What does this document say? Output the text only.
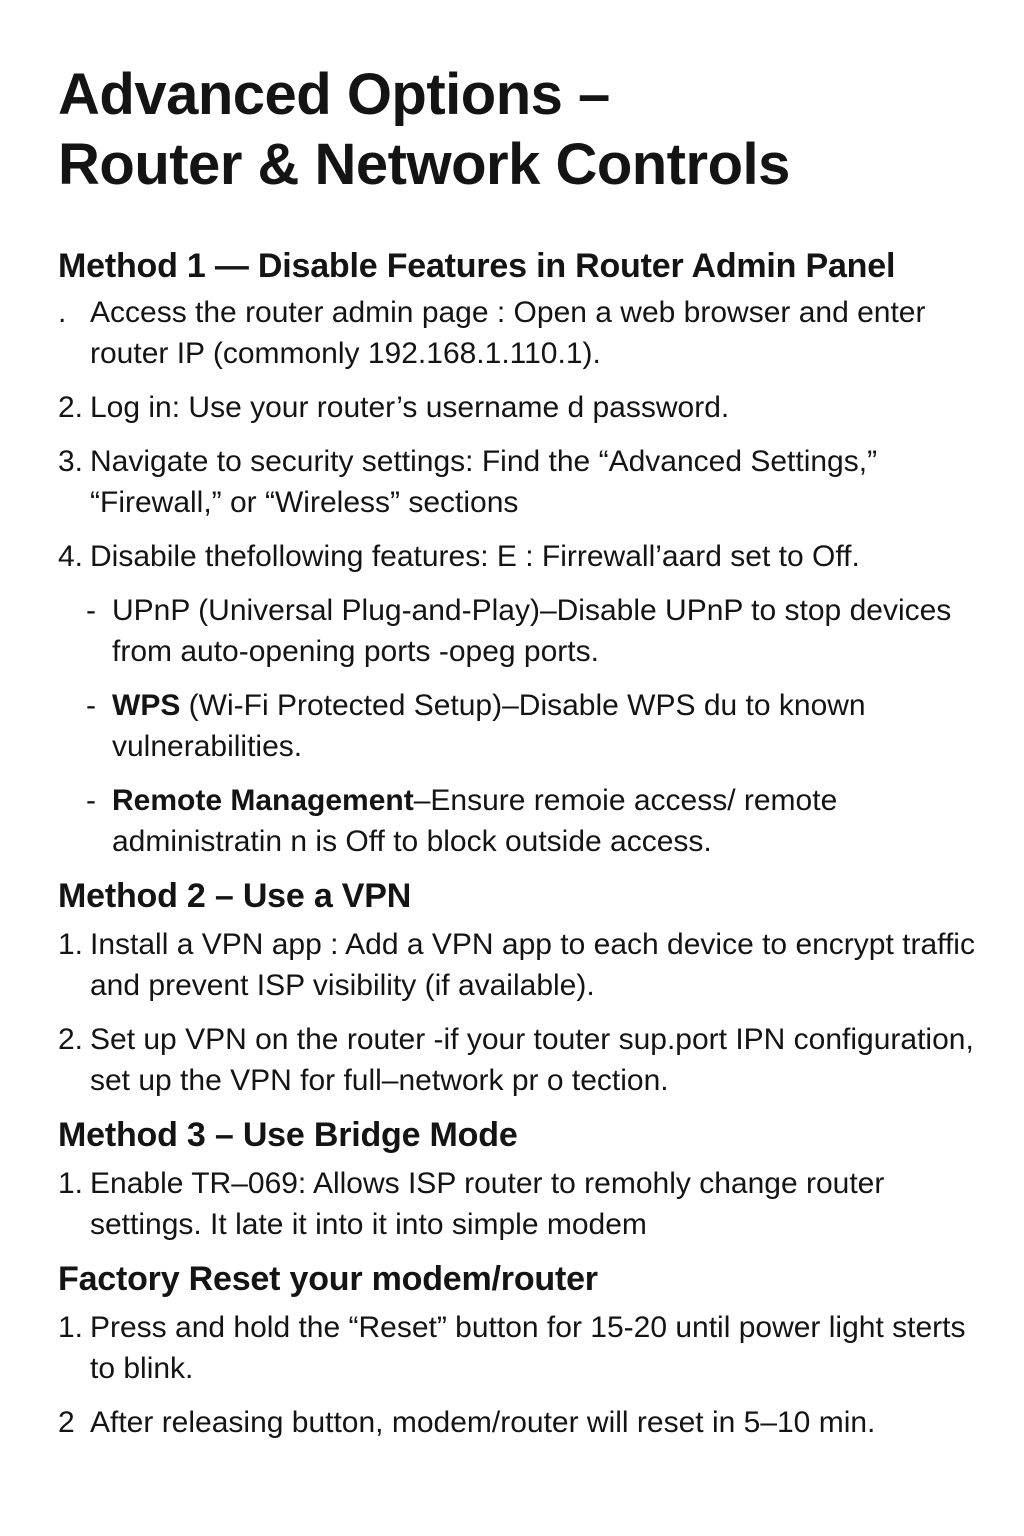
Advanced Options –
Router & Network Controls
Method 1 — Disable Features in Router Admin Panel
. Access the router admin page : Open a web browser and enter router IP (commonly 192.168.1.110.1).
2. Log in: Use your router’s username d password.
3. Navigate to security settings: Find the “Advanced Settings,” “Firewall,” or “Wireless” sections
4. Disabile thefollowing features: E : Firrewall’aard set to Off.
- UPnP (Universal Plug-and-Play)–Disable UPnP to stop devices from auto-opening ports -opeg ports.
- WPS (Wi-Fi Protected Setup)–Disable WPS du to known vulnerabilities.
- Remote Management–Ensure remoie access/ remote administratin n is Off to block outside access.
Method 2 – Use a VPN
1. Install a VPN app : Add a VPN app to each device to encrypt traffic and prevent ISP visibility (if available).
2. Set up VPN on the router -if your touter sup.port IPN configuration, set up the VPN for full–network pr o tection.
Method 3 – Use Bridge Mode
1. Enable TR–069: Allows ISP router to remohly change router settings. It late it into it into simple modem
Factory Reset your modem/router
1. Press and hold the “Reset” button for 15-20 until power light sterts to blink.
2 After releasing button, modem/router will reset in 5–10 min.
